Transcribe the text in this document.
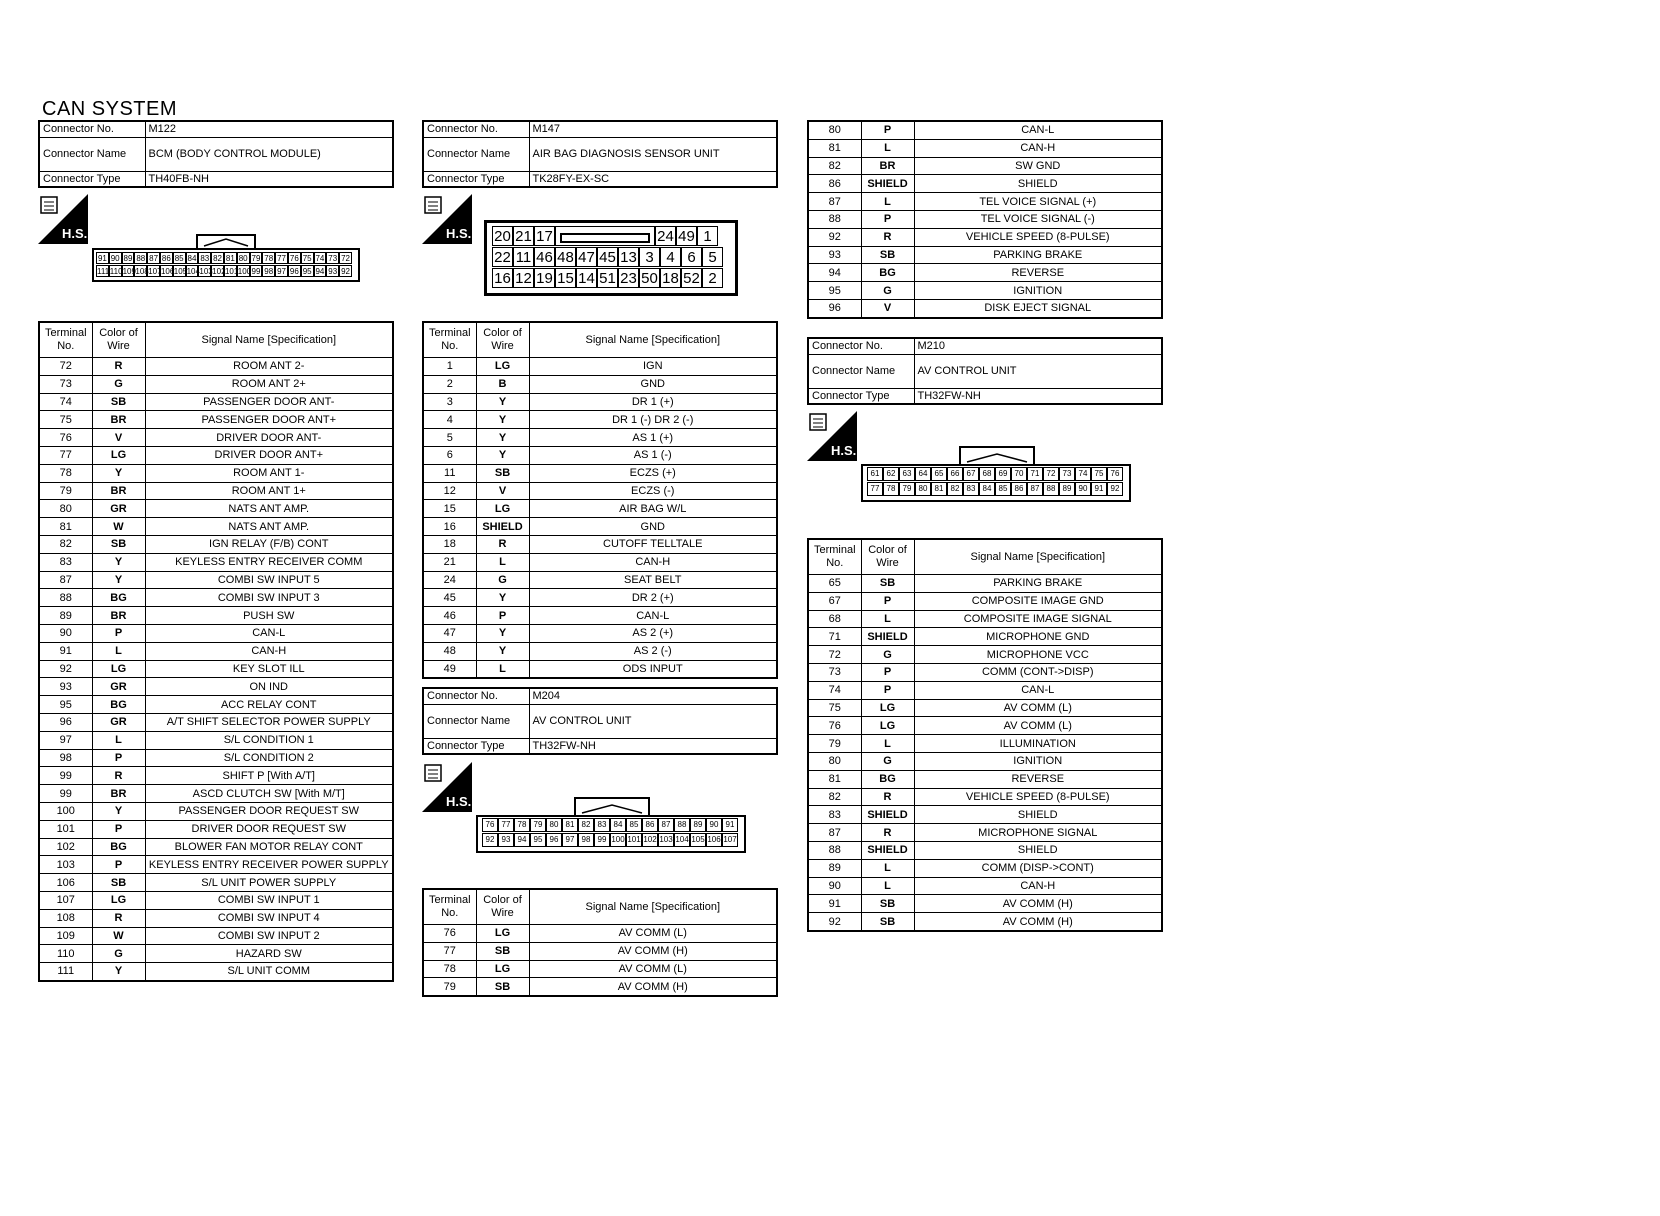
CAN SYSTEM
Connector No.	M122
Connector Name	BCM (BODY CONTROL MODULE)
Connector Type	TH40FB-NH
H.S.
91 90 89 88 87 86 85 84 83 82 81 80 79 78 77 76 75 74 73 72
111 110 109 108 107 106 105 104 103 102 101 100 99 98 97 96 95 94 93 92
Terminal No.	Color of Wire	Signal Name [Specification]
72	R	ROOM ANT 2-
73	G	ROOM ANT 2+
74	SB	PASSENGER DOOR ANT-
75	BR	PASSENGER DOOR ANT+
76	V	DRIVER DOOR ANT-
77	LG	DRIVER DOOR ANT+
78	Y	ROOM ANT 1-
79	BR	ROOM ANT 1+
80	GR	NATS ANT AMP.
81	W	NATS ANT AMP.
82	SB	IGN RELAY (F/B) CONT
83	Y	KEYLESS ENTRY RECEIVER COMM
87	Y	COMBI SW INPUT 5
88	BG	COMBI SW INPUT 3
89	BR	PUSH SW
90	P	CAN-L
91	L	CAN-H
92	LG	KEY SLOT ILL
93	GR	ON IND
95	BG	ACC RELAY CONT
96	GR	A/T SHIFT SELECTOR POWER SUPPLY
97	L	S/L CONDITION 1
98	P	S/L CONDITION 2
99	R	SHIFT P [With A/T]
99	BR	ASCD CLUTCH SW [With M/T]
100	Y	PASSENGER DOOR REQUEST SW
101	P	DRIVER DOOR REQUEST SW
102	BG	BLOWER FAN MOTOR RELAY CONT
103	P	KEYLESS ENTRY RECEIVER POWER SUPPLY
106	SB	S/L UNIT POWER SUPPLY
107	LG	COMBI SW INPUT 1
108	R	COMBI SW INPUT 4
109	W	COMBI SW INPUT 2
110	G	HAZARD SW
111	Y	S/L UNIT COMM
Connector No.	M147
Connector Name	AIR BAG DIAGNOSIS SENSOR UNIT
Connector Type	TK28FY-EX-SC
H.S. 20 21 17	24 49 1
22 11 46 48 47 45 13 3 4 6 5
16 12 19 15 14 51 23 50 18 52 2
Terminal No.	Color of Wire	Signal Name [Specification]
1	LG	IGN
2	B	GND
3	Y	DR 1 (+)
4	Y	DR 1 (-) DR 2 (-)
5	Y	AS 1 (+)
6	Y	AS 1 (-)
11	SB	ECZS (+)
12	V	ECZS (-)
15	LG	AIR BAG W/L
16	SHIELD	GND
18	R	CUTOFF TELLTALE
21	L	CAN-H
24	G	SEAT BELT
45	Y	DR 2 (+)
46	P	CAN-L
47	Y	AS 2 (+)
48	Y	AS 2 (-)
49	L	ODS INPUT
Connector No.	M204
Connector Name	AV CONTROL UNIT
Connector Type	TH32FW-NH
H.S.
76 77 78 79 80 81 82 83 84 85 86 87 88 89 90 91
92 93 94 95 96 97 98 99 100 101 102 103 104 105 106 107
Terminal No.	Color of Wire	Signal Name [Specification]
76	LG	AV COMM (L)
77	SB	AV COMM (H)
78	LG	AV COMM (L)
79	SB	AV COMM (H)
80	P	CAN-L
81	L	CAN-H
82	BR	SW GND
86	SHIELD	SHIELD
87	L	TEL VOICE SIGNAL (+)
88	P	TEL VOICE SIGNAL (-)
92	R	VEHICLE SPEED (8-PULSE)
93	SB	PARKING BRAKE
94	BG	REVERSE
95	G	IGNITION
96	V	DISK EJECT SIGNAL
Connector No.	M210
Connector Name	AV CONTROL UNIT
Connector Type	TH32FW-NH
H.S.
61 62 63 64 65 66 67 68 69 70 71 72 73 74 75 76
77 78 79 80 81 82 83 84 85 86 87 88 89 90 91 92
Terminal No.	Color of Wire	Signal Name [Specification]
65	SB	PARKING BRAKE
67	P	COMPOSITE IMAGE GND
68	L	COMPOSITE IMAGE SIGNAL
71	SHIELD	MICROPHONE GND
72	G	MICROPHONE VCC
73	P	COMM (CONT->DISP)
74	P	CAN-L
75	LG	AV COMM (L)
76	LG	AV COMM (L)
79	L	ILLUMINATION
80	G	IGNITION
81	BG	REVERSE
82	R	VEHICLE SPEED (8-PULSE)
83	SHIELD	SHIELD
87	R	MICROPHONE SIGNAL
88	SHIELD	SHIELD
89	L	COMM (DISP->CONT)
90	L	CAN-H
91	SB	AV COMM (H)
92	SB	AV COMM (H)
